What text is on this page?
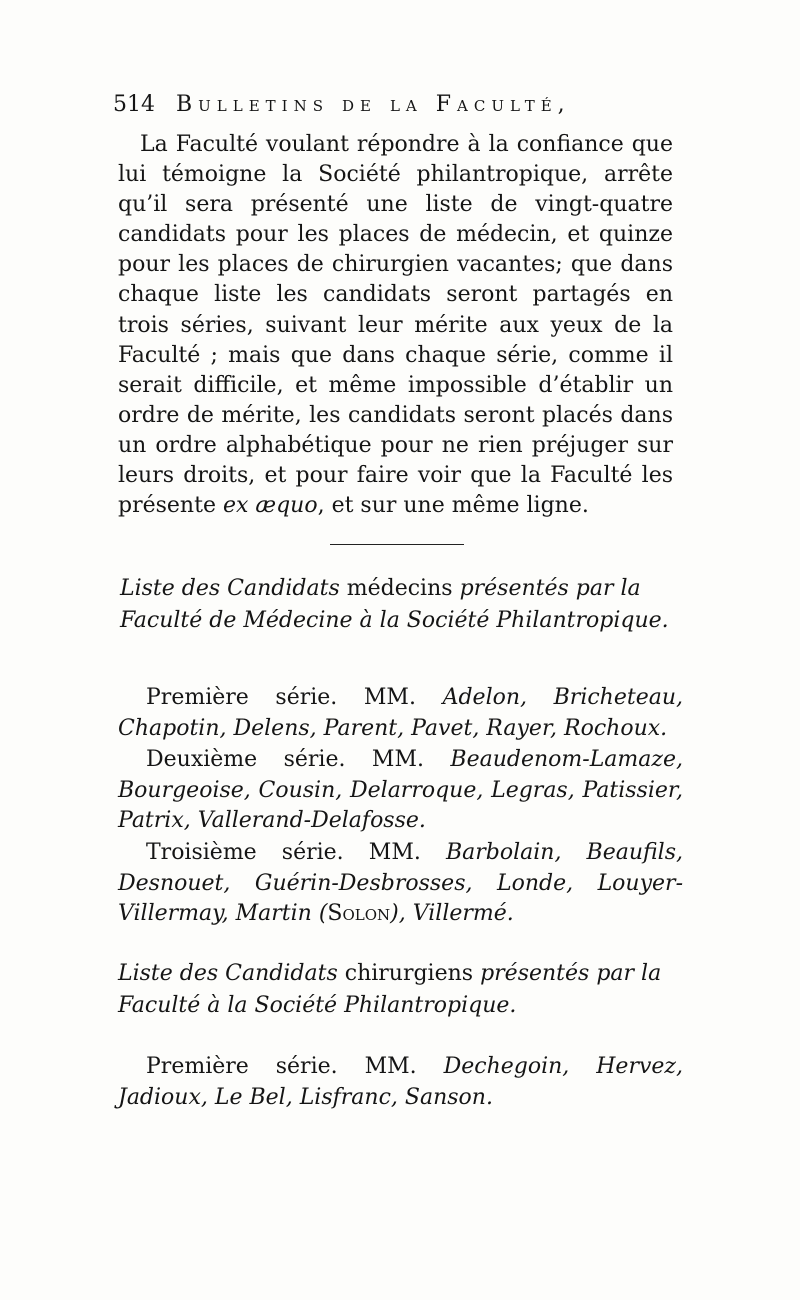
514 Bulletins de la Faculté,

La Faculté voulant répondre à la confiance que lui témoigne la Société philantropique, arrête qu’il sera présenté une liste de vingt-quatre candidats pour les places de médecin, et quinze pour les places de chirurgien vacantes; que dans chaque liste les candidats seront partagés en trois séries, suivant leur mérite aux yeux de la Faculté ; mais que dans chaque série, comme il serait difficile, et même impossible d’établir un ordre de mérite, les candidats seront placés dans un ordre alphabétique pour ne rien préjuger sur leurs droits, et pour faire voir que la Faculté les présente ex æquo, et sur une même ligne.

Liste des Candidats médecins présentés par la Faculté de Médecine à la Société Philantropique.

Première série. MM. Adelon, Bricheteau, Chapotin, Delens, Parent, Pavet, Rayer, Rochoux.

Deuxième série. MM. Beaudenom-Lamaze, Bourgeoise, Cousin, Delarroque, Legras, Patissier, Patrix, Vallerand-Delafosse.

Troisième série. MM. Barbolain, Beaufils, Desnouet, Guérin-Desbrosses, Londe, Louyer-Villermay, Martin (Solon), Villermé.

Liste des Candidats chirurgiens présentés par la Faculté à la Société Philantropique.

Première série. MM. Dechegoin, Hervez, Jadioux, Le Bel, Lisfranc, Sanson.
